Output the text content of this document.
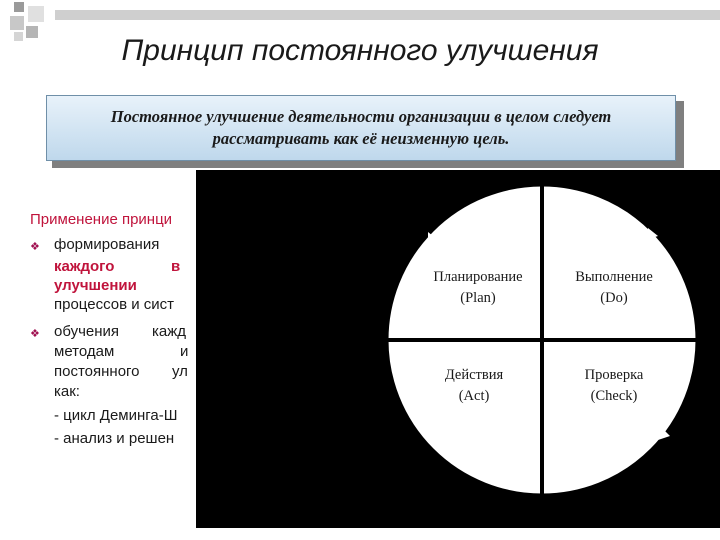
Принцип постоянного улучшения
Постоянное улучшение деятельности организации в целом следует
рассматривать как её неизменную цель.
Применение принци
❖ формирования
каждого	в
улучшении
процессов и сист
❖ обучения кажд
методам	и
постоянного ул
как:
- цикл Деминга-Ш
- анализ и решен
Планирование
(Plan)
Выполнение
(Do)
Действия
(Act)
Проверка
(Check)
